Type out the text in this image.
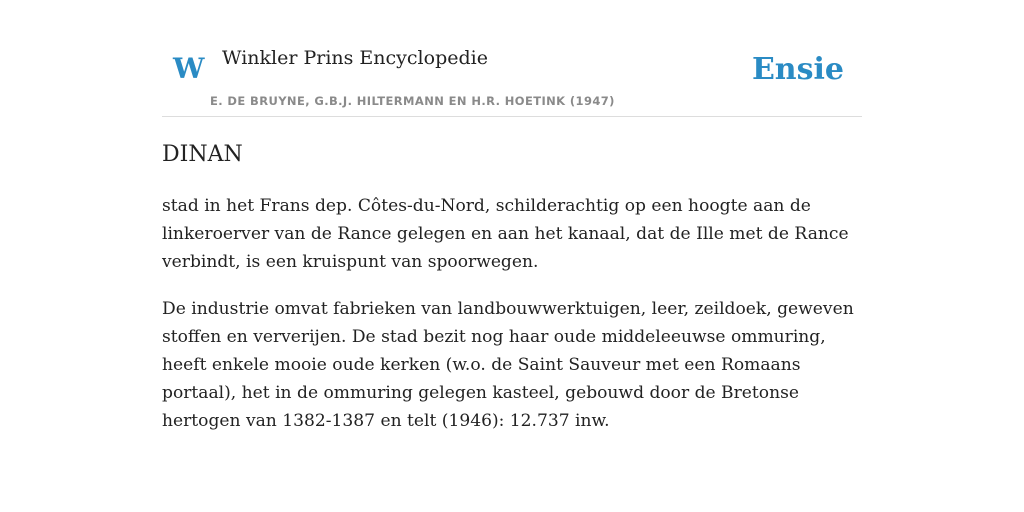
W Winkler Prins Encyclopedie
E. DE BRUYNE, G.B.J. HILTERMANN EN H.R. HOETINK (1947)
Ensie
DINAN

stad in het Frans dep. Côtes-du-Nord, schilderachtig op een hoogte aan de linkeroerver van de Rance gelegen en aan het kanaal, dat de Ille met de Rance verbindt, is een kruispunt van spoorwegen.

De industrie omvat fabrieken van landbouwwerktuigen, leer, zeildoek, geweven stoffen en ververijen. De stad bezit nog haar oude middeleeuwse ommuring, heeft enkele mooie oude kerken (w.o. de Saint Sauveur met een Romaans portaal), het in de ommuring gelegen kasteel, gebouwd door de Bretonse hertogen van 1382-1387 en telt (1946): 12.737 inw.
